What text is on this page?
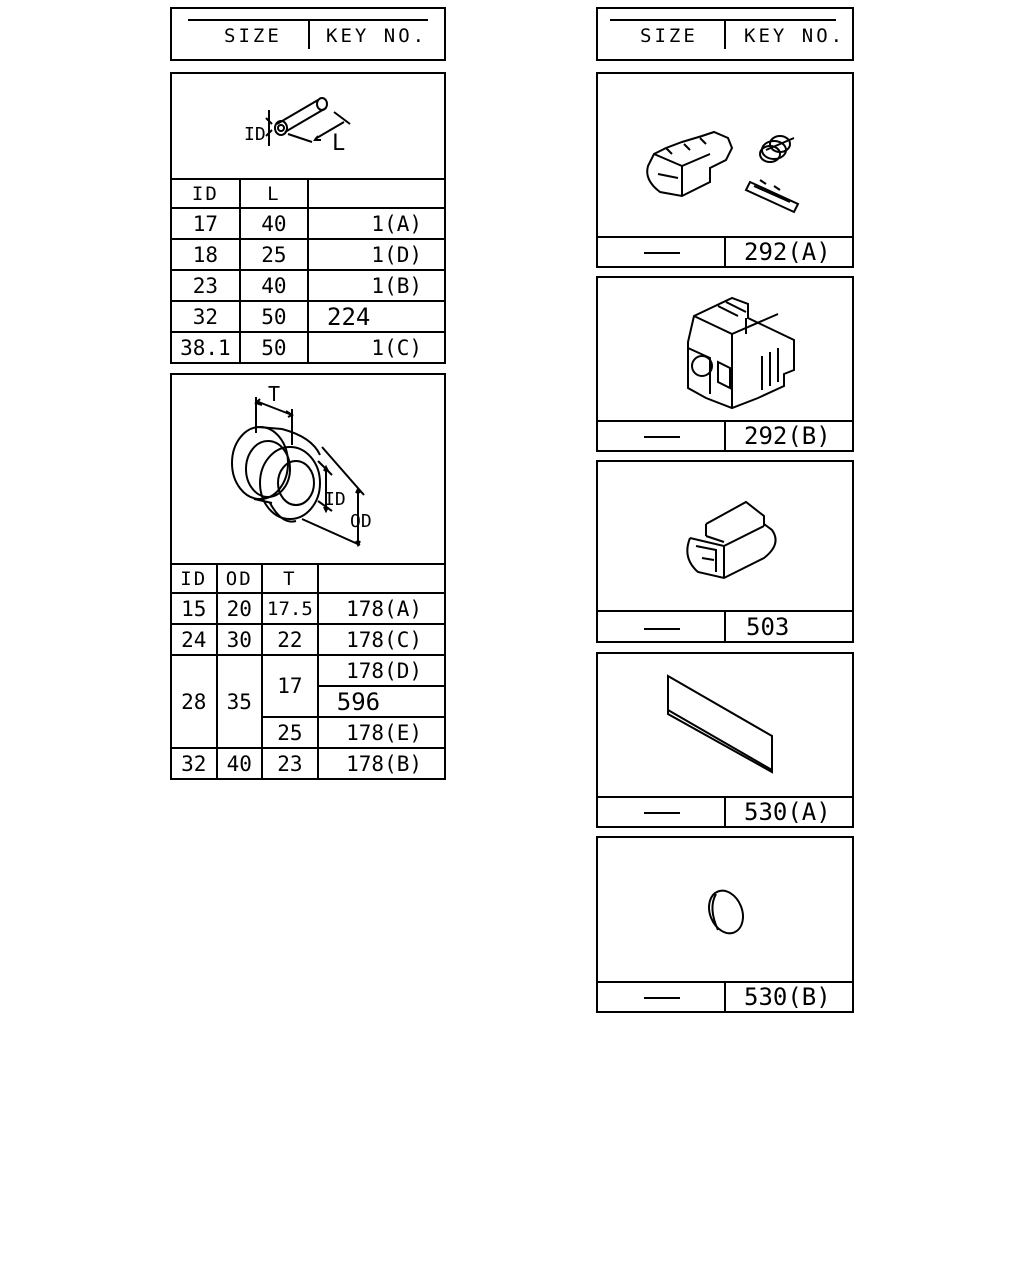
SIZE KEY NO.	SIZE KEY NO.
ID	L
ID	L	
17	40	1(A)
18	25	1(D)
23	40	1(B)
32	50	224
38.1	50	1(C)
T
ID
OD
ID	OD	T	
15	20	17.5	178(A)
24	30	22	178(C)
28	35	17	178(D)
			596
		25	178(E)
32	40	23	178(B)
292(A)
292(B)
503
530(A)
530(B)
